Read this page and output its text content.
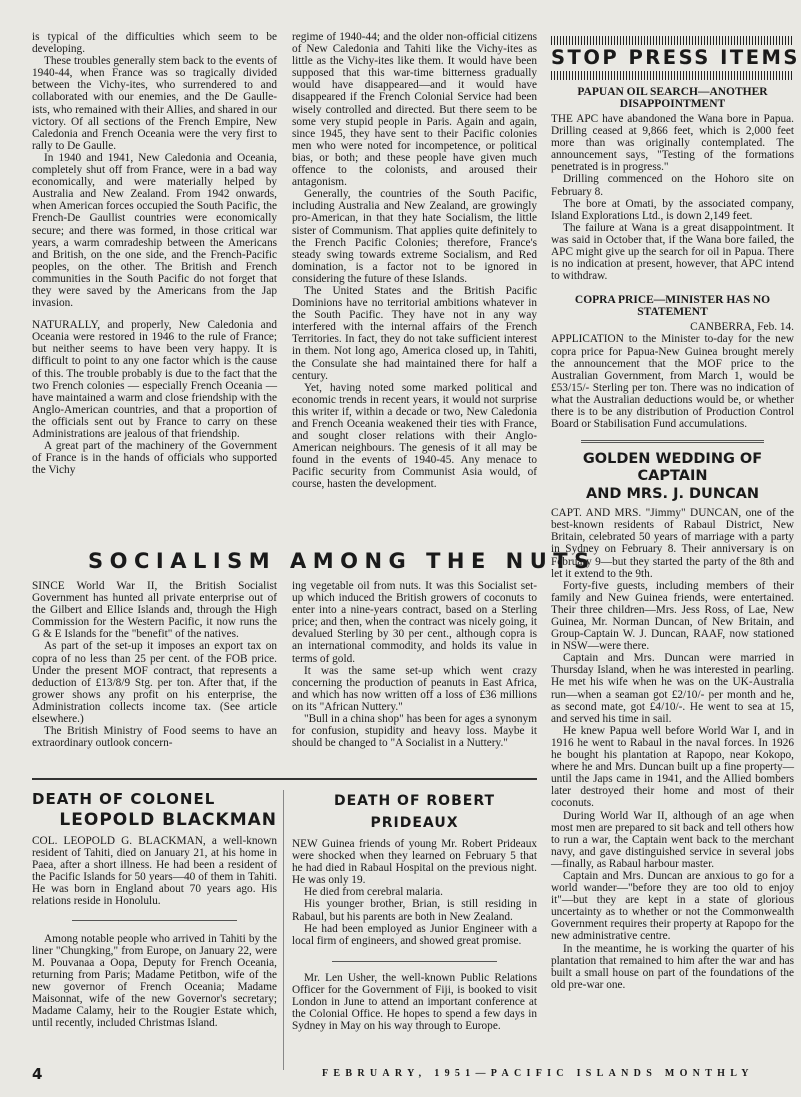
is typical of the difficulties which seem to be developing.

These troubles generally stem back to the events of 1940-44, when France was so tragically divided between the Vichy-ites, who surrendered to and collaborated with our enemies, and the De Gaulle-ists, who remained with their Allies, and shared in our victory. Of all sections of the French Empire, New Caledonia and French Oceania were the very first to rally to De Gaulle.

In 1940 and 1941, New Caledonia and Oceania, completely shut off from France, were in a bad way economically, and were materially helped by Australia and New Zealand. From 1942 onwards, when American forces occupied the South Pacific, the French-De Gaullist countries were economically secure; and there was formed, in those critical war years, a warm comradeship between the Americans and British, on the one side, and the French-Pacific peoples, on the other. The British and French communities in the South Pacific do not forget that they were saved by the Americans from the Jap invasion.

NATURALLY, and properly, New Caledonia and Oceania were restored in 1946 to the rule of France; but neither seems to have been very happy. It is difficult to point to any one factor which is the cause of this. The trouble probably is due to the fact that the two French colonies — especially French Oceania — have maintained a warm and close friendship with the Anglo-American countries, and that a proportion of the officials sent out by France to carry on these Administrations are jealous of that friendship.

A great part of the machinery of the Government of France is in the hands of officials who supported the Vichy

regime of 1940-44; and the older non-official citizens of New Caledonia and Tahiti like the Vichy-ites as little as the Vichy-ites like them. It would have been supposed that this war-time bitterness gradually would have disappeared—and it would have disappeared if the French Colonial Service had been wisely controlled and directed. But there seem to be some very stupid people in Paris. Again and again, since 1945, they have sent to their Pacific colonies men who were noted for incompetence, or political bias, or both; and these people have given much offence to the colonists, and aroused their antagonism.

Generally, the countries of the South Pacific, including Australia and New Zealand, are growingly pro-American, in that they hate Socialism, the little sister of Communism. That applies quite definitely to the French Pacific Colonies; therefore, France's steady swing towards extreme Socialism, and Red domination, is a factor not to be ignored in considering the future of these Islands.

The United States and the British Pacific Dominions have no territorial ambitions whatever in the South Pacific. They have not in any way interfered with the internal affairs of the French Territories. In fact, they do not take sufficient interest in them. Not long ago, America closed up, in Tahiti, the Consulate she had maintained there for half a century.

Yet, having noted some marked political and economic trends in recent years, it would not surprise this writer if, within a decade or two, New Caledonia and French Oceania weakened their ties with France, and sought closer relations with their Anglo-American neighbours. The genesis of it all may be found in the events of 1940-45. Any menace to Pacific security from Communist Asia would, of course, hasten the development.

SOCIALISM AMONG THE NUTS

SINCE World War II, the British Socialist Government has hunted all private enterprise out of the Gilbert and Ellice Islands and, through the High Commission for the Western Pacific, it now runs the G & E Islands for the "benefit" of the natives.

As part of the set-up it imposes an export tax on copra of no less than 25 per cent. of the FOB price. Under the present MOF contract, that represents a deduction of £13/8/9 Stg. per ton. After that, if the grower shows any profit on his enterprise, the Administration collects income tax. (See article elsewhere.)

The British Ministry of Food seems to have an extraordinary outlook concern-

ing vegetable oil from nuts. It was this Socialist set-up which induced the British growers of coconuts to enter into a nine-years contract, based on a Sterling price; and then, when the contract was nicely going, it devalued Sterling by 30 per cent., although copra is an international commodity, and holds its value in terms of gold.

It was the same set-up which went crazy concerning the production of peanuts in East Africa, and which has now written off a loss of £36 millions on its "African Nuttery."

"Bull in a china shop" has been for ages a synonym for confusion, stupidity and heavy loss. Maybe it should be changed to "A Socialist in a Nuttery."

DEATH OF COLONEL
LEOPOLD BLACKMAN

COL. LEOPOLD G. BLACKMAN, a well-known resident of Tahiti, died on January 21, at his home in Paea, after a short illness. He had been a resident of the Pacific Islands for 50 years—40 of them in Tahiti. He was born in England about 70 years ago. His relations reside in Honolulu.

Among notable people who arrived in Tahiti by the liner "Chungking," from Europe, on January 22, were M. Pouvanaa a Oopa, Deputy for French Oceania, returning from Paris; Madame Petitbon, wife of the new governor of French Oceania; Madame Maisonnat, wife of the new Governor's secretary; Madame Calamy, heir to the Rougier Estate which, until recently, included Christmas Island.

DEATH OF ROBERT PRIDEAUX

NEW Guinea friends of young Mr. Robert Prideaux were shocked when they learned on February 5 that he had died in Rabaul Hospital on the previous night. He was only 19.

He died from cerebral malaria.

His younger brother, Brian, is still residing in Rabaul, but his parents are both in New Zealand.

He had been employed as Junior Engineer with a local firm of engineers, and showed great promise.

Mr. Len Usher, the well-known Public Relations Officer for the Government of Fiji, is booked to visit London in June to attend an important conference at the Colonial Office. He hopes to spend a few days in Sydney in May on his way through to Europe.

STOP PRESS ITEMS
PAPUAN OIL SEARCH—ANOTHER DISAPPOINTMENT

THE APC have abandoned the Wana bore in Papua. Drilling ceased at 9,866 feet, which is 2,000 feet more than was originally contemplated. The announcement says, "Testing of the formations penetrated is in progress."

Drilling commenced on the Hohoro site on February 8.

The bore at Omati, by the associated company, Island Explorations Ltd., is down 2,149 feet.

The failure at Wana is a great disappointment. It was said in October that, if the Wana bore failed, the APC might give up the search for oil in Papua. There is no indication at present, however, that APC intend to withdraw.

COPRA PRICE—MINISTER HAS NO STATEMENT
CANBERRA, Feb. 14.

APPLICATION to the Minister to-day for the new copra price for Papua-New Guinea brought merely the announcement that the MOF price to the Australian Government, from March 1, would be £53/15/- Sterling per ton. There was no indication of what the Australian deductions would be, or whether there is to be any distribution of Production Control Board or Stabilisation Fund accumulations.

GOLDEN WEDDING OF CAPTAIN
AND MRS. J. DUNCAN

CAPT. AND MRS. "Jimmy" DUNCAN, one of the best-known residents of Rabaul District, New Britain, celebrated 50 years of marriage with a party in Sydney on February 8. Their anniversary is on February 9—but they started the party of the 8th and let it extend to the 9th.

Forty-five guests, including members of their family and New Guinea friends, were entertained. Their three children—Mrs. Jess Ross, of Lae, New Guinea, Mr. Norman Duncan, of New Britain, and Group-Captain W. J. Duncan, RAAF, now stationed in NSW—were there.

Captain and Mrs. Duncan were married in Thursday Island, when he was interested in pearling. He met his wife when he was on the UK-Australia run—when a seaman got £2/10/- per month and he, as second mate, got £4/10/-. He went to sea at 15, and served his time in sail.

He knew Papua well before World War I, and in 1916 he went to Rabaul in the naval forces. In 1926 he bought his plantation at Rapopo, near Kokopo, where he and Mrs. Duncan built up a fine property—until the Japs came in 1941, and the Allied bombers later destroyed their home and most of their coconuts.

During World War II, although of an age when most men are prepared to sit back and tell others how to run a war, the Captain went back to the merchant navy, and gave distinguished service in several jobs—finally, as Rabaul harbour master.

Captain and Mrs. Duncan are anxious to go for a world wander—"before they are too old to enjoy it"—but they are kept in a state of glorious uncertainty as to whether or not the Commonwealth Government requires their property at Rapopo for the new administrative centre.

In the meantime, he is working the quarter of his plantation that remained to him after the war and has built a small house on part of the foundations of the old pre-war one.

4	FEBRUARY, 1951—PACIFIC ISLANDS MONTHLY
